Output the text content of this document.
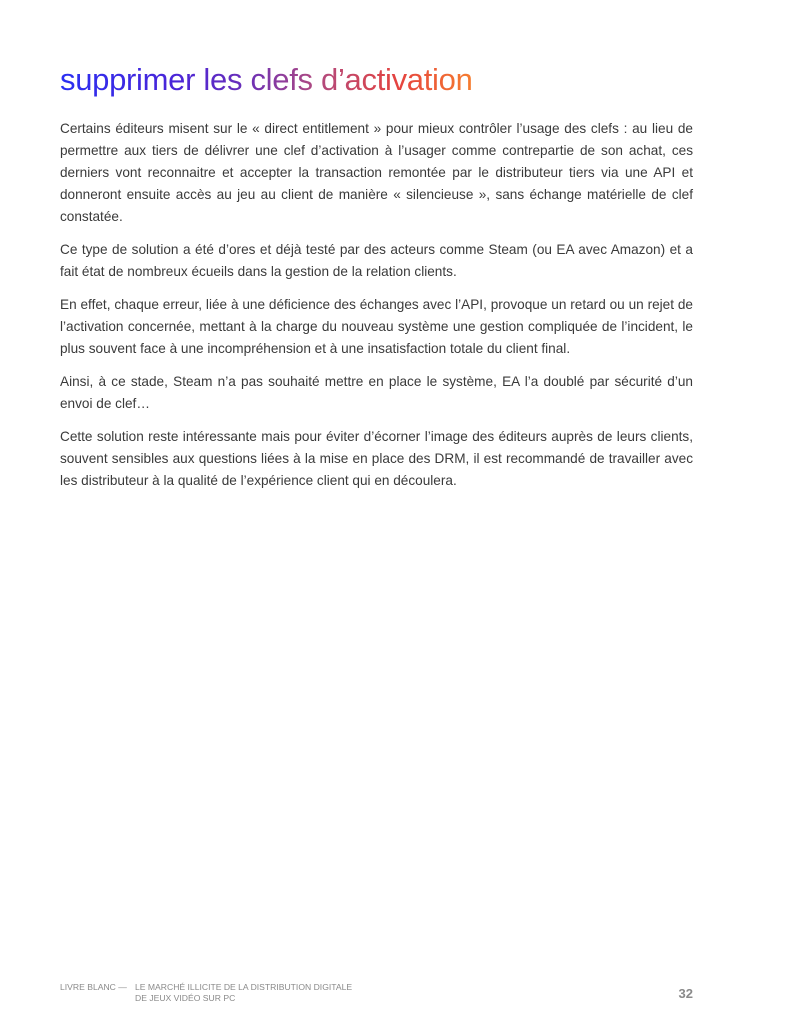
supprimer les clefs d’activation

Certains éditeurs misent sur le « direct entitlement » pour mieux contrôler l’usage des clefs : au lieu de permettre aux tiers de délivrer une clef d’activation à l’usager comme contrepartie de son achat, ces derniers vont reconnaitre et accepter la transaction remontée par le distributeur tiers via une API et donneront ensuite accès au jeu au client de manière « silencieuse », sans échange matérielle de clef constatée.

Ce type de solution a été d’ores et déjà testé par des acteurs comme Steam (ou EA avec Amazon) et a fait état de nombreux écueils dans la gestion de la relation clients.

En effet, chaque erreur, liée à une déficience des échanges avec l’API, provoque un retard ou un rejet de l’activation concernée, mettant à la charge du nouveau système une gestion compliquée de l’incident, le plus souvent face à une incompréhension et à une insatisfaction totale du client final.

Ainsi, à ce stade, Steam n’a pas souhaité mettre en place le système, EA l’a doublé par sécurité d’un envoi de clef…

Cette solution reste intéressante mais pour éviter d’écorner l’image des éditeurs auprès de leurs clients, souvent sensibles aux questions liées à la mise en place des DRM, il est recommandé de travailler avec les distributeur à la qualité de l’expérience client qui en découlera.

LIVRE BLANC — LE MARCHÉ ILLICITE DE LA DISTRIBUTION DIGITALE
DE JEUX VIDÉO SUR PC	32
